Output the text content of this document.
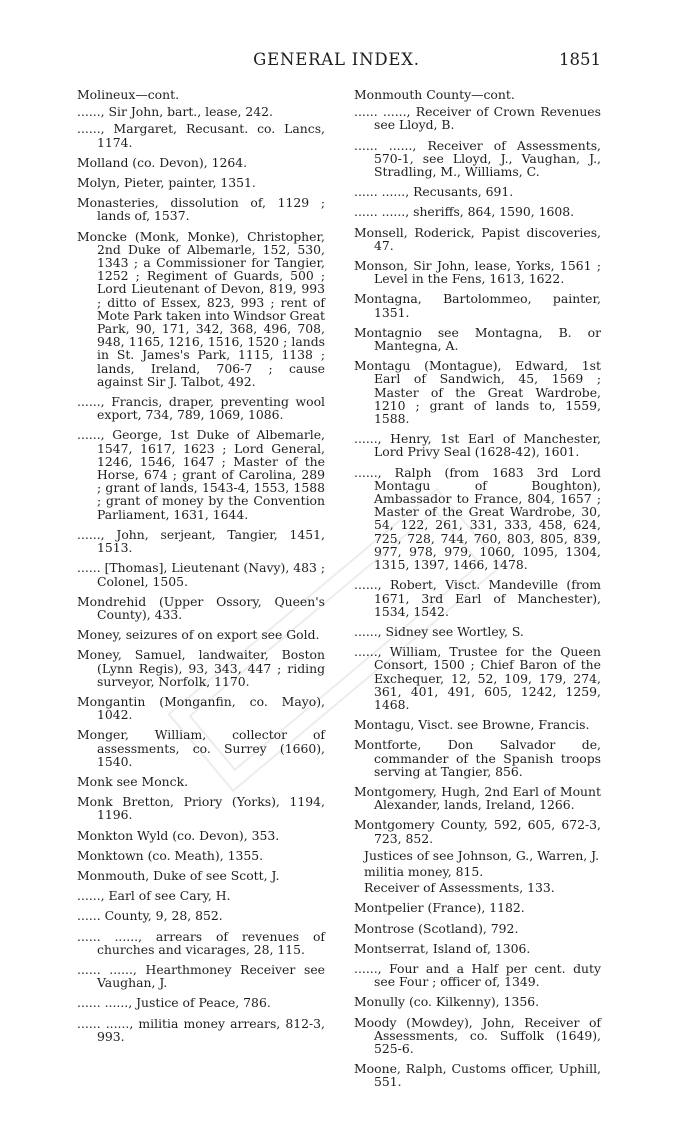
GENERAL INDEX.	1851

Molineux—cont.

......, Sir John, bart., lease, 242.

......, Margaret, Recusant. co. Lancs, 1174.

Molland (co. Devon), 1264.

Molyn, Pieter, painter, 1351.

Monasteries, dissolution of, 1129 ; lands of, 1537.

Moncke (Monk, Monke), Christopher, 2nd Duke of Albemarle, 152, 530, 1343 ; a Commissioner for Tangier, 1252 ; Regiment of Guards, 500 ; Lord Lieutenant of Devon, 819, 993 ; ditto of Essex, 823, 993 ; rent of Mote Park taken into Windsor Great Park, 90, 171, 342, 368, 496, 708, 948, 1165, 1216, 1516, 1520 ; lands in St. James's Park, 1115, 1138 ; lands, Ireland, 706-7 ; cause against Sir J. Talbot, 492.

......, Francis, draper, preventing wool export, 734, 789, 1069, 1086.

......, George, 1st Duke of Albemarle, 1547, 1617, 1623 ; Lord General, 1246, 1546, 1647 ; Master of the Horse, 674 ; grant of Carolina, 289 ; grant of lands, 1543-4, 1553, 1588 ; grant of money by the Convention Parliament, 1631, 1644.

......, John, serjeant, Tangier, 1451, 1513.

...... [Thomas], Lieutenant (Navy), 483 ; Colonel, 1505.

Mondrehid (Upper Ossory, Queen's County), 433.

Money, seizures of on export see Gold.

Money, Samuel, landwaiter, Boston (Lynn Regis), 93, 343, 447 ; riding surveyor, Norfolk, 1170.

Mongantin (Monganfin, co. Mayo), 1042.

Monger, William, collector of assessments, co. Surrey (1660), 1540.

Monk see Monck.

Monk Bretton, Priory (Yorks), 1194, 1196.

Monkton Wyld (co. Devon), 353.

Monktown (co. Meath), 1355.

Monmouth, Duke of see Scott, J.

......, Earl of see Cary, H.

...... County, 9, 28, 852.

...... ......, arrears of revenues of churches and vicarages, 28, 115.

...... ......, Hearthmoney Receiver see Vaughan, J.

...... ......, Justice of Peace, 786.

...... ......, militia money arrears, 812-3, 993.

Monmouth County—cont.

...... ......, Receiver of Crown Revenues see Lloyd, B.

...... ......, Receiver of Assessments, 570-1, see Lloyd, J., Vaughan, J., Stradling, M., Williams, C.

...... ......, Recusants, 691.

...... ......, sheriffs, 864, 1590, 1608.

Monsell, Roderick, Papist discoveries, 47.

Monson, Sir John, lease, Yorks, 1561 ; Level in the Fens, 1613, 1622.

Montagna, Bartolommeo, painter, 1351.

Montagnio see Montagna, B. or Mantegna, A.

Montagu (Montague), Edward, 1st Earl of Sandwich, 45, 1569 ; Master of the Great Wardrobe, 1210 ; grant of lands to, 1559, 1588.

......, Henry, 1st Earl of Manchester, Lord Privy Seal (1628-42), 1601.

......, Ralph (from 1683 3rd Lord Montagu of Boughton), Ambassador to France, 804, 1657 ; Master of the Great Wardrobe, 30, 54, 122, 261, 331, 333, 458, 624, 725, 728, 744, 760, 803, 805, 839, 977, 978, 979, 1060, 1095, 1304, 1315, 1397, 1466, 1478.

......, Robert, Visct. Mandeville (from 1671, 3rd Earl of Manchester), 1534, 1542.

......, Sidney see Wortley, S.

......, William, Trustee for the Queen Consort, 1500 ; Chief Baron of the Exchequer, 12, 52, 109, 179, 274, 361, 401, 491, 605, 1242, 1259, 1468.

Montagu, Visct. see Browne, Francis.

Montforte, Don Salvador de, commander of the Spanish troops serving at Tangier, 856.

Montgomery, Hugh, 2nd Earl of Mount Alexander, lands, Ireland, 1266.

Montgomery County, 592, 605, 672-3, 723, 852.

Justices of see Johnson, G., Warren, J.

militia money, 815.

Receiver of Assessments, 133.

Montpelier (France), 1182.

Montrose (Scotland), 792.

Montserrat, Island of, 1306.

......, Four and a Half per cent. duty see Four ; officer of, 1349.

Monully (co. Kilkenny), 1356.

Moody (Mowdey), John, Receiver of Assessments, co. Suffolk (1649), 525-6.

Moone, Ralph, Customs officer, Uphill, 551.
